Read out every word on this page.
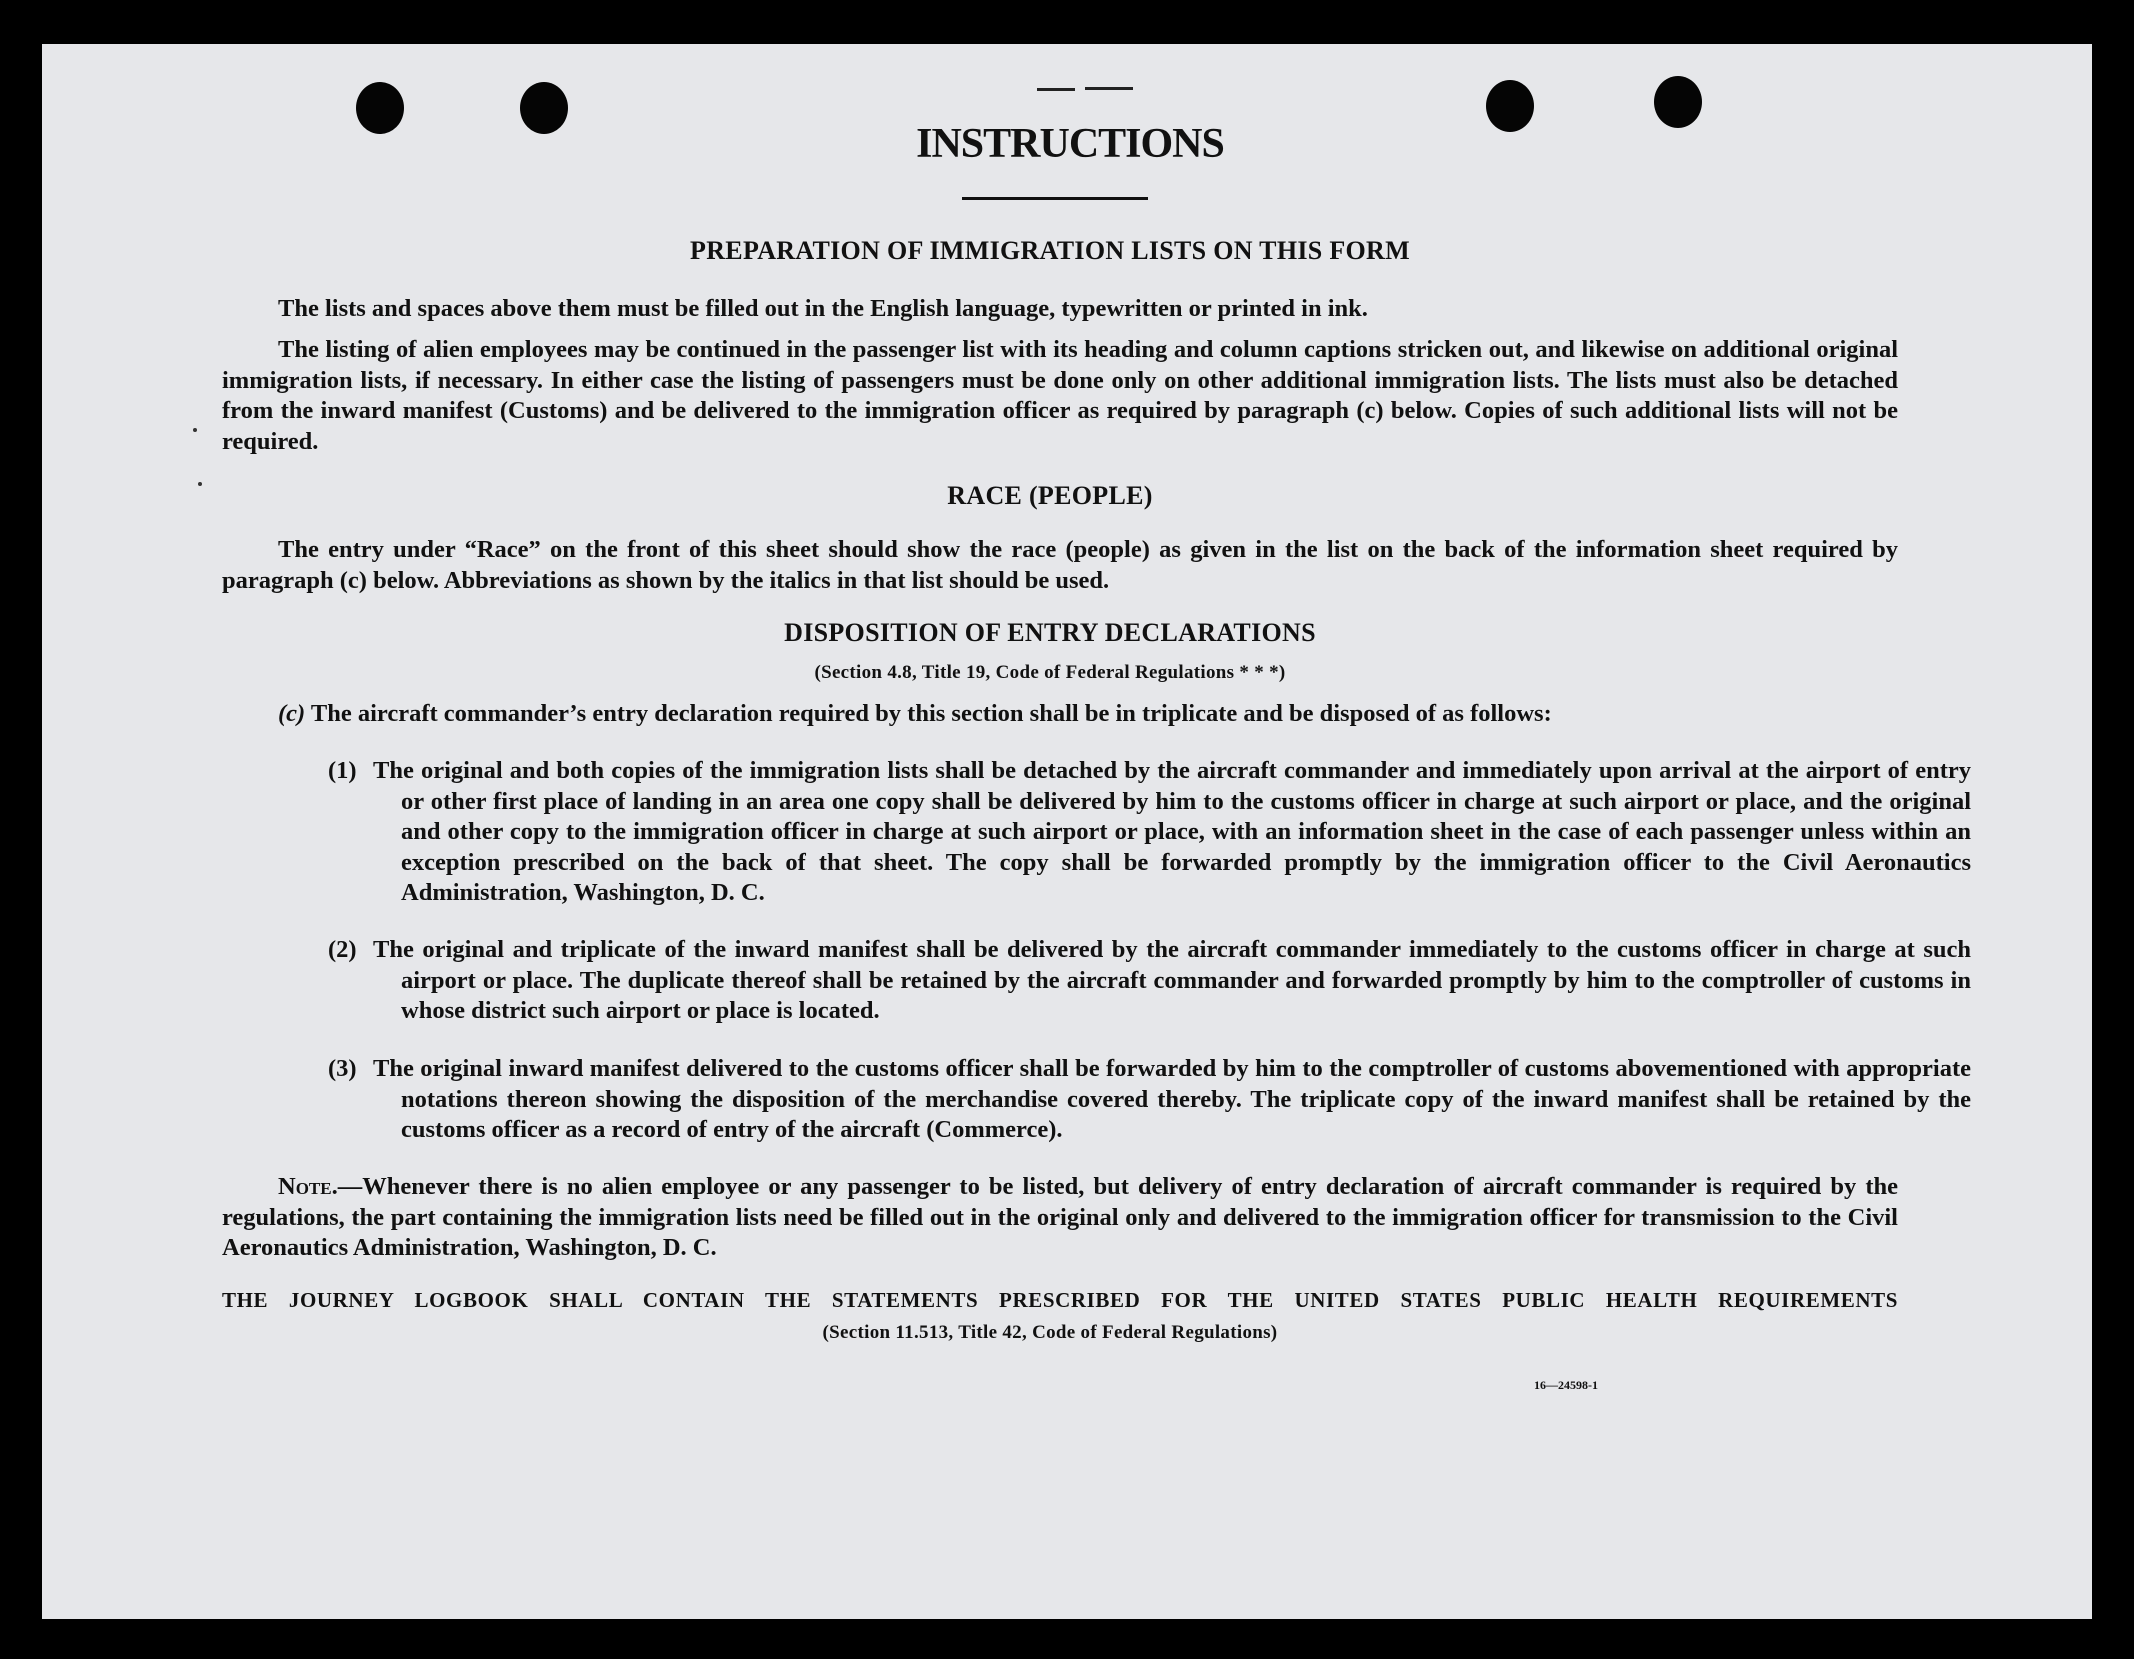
INSTRUCTIONS
PREPARATION OF IMMIGRATION LISTS ON THIS FORM

The lists and spaces above them must be filled out in the English language, typewritten or printed in ink.

The listing of alien employees may be continued in the passenger list with its heading and column captions stricken out, and likewise on additional original immigration lists, if necessary. In either case the listing of passengers must be done only on other additional immigration lists. The lists must also be detached from the inward manifest (Customs) and be delivered to the immigration officer as required by paragraph (c) below. Copies of such additional lists will not be required.

RACE (PEOPLE)

The entry under “Race” on the front of this sheet should show the race (people) as given in the list on the back of the information sheet required by paragraph (c) below. Abbreviations as shown by the italics in that list should be used.

DISPOSITION OF ENTRY DECLARATIONS
(Section 4.8, Title 19, Code of Federal Regulations * * *)

(c) The aircraft commander’s entry declaration required by this section shall be in triplicate and be disposed of as follows:

(1) The original and both copies of the immigration lists shall be detached by the aircraft commander and immediately upon arrival at the airport of entry or other first place of landing in an area one copy shall be delivered by him to the customs officer in charge at such airport or place, and the original and other copy to the immigration officer in charge at such airport or place, with an information sheet in the case of each passenger unless within an exception prescribed on the back of that sheet. The copy shall be forwarded promptly by the immigration officer to the Civil Aeronautics Administration, Washington, D. C.

(2) The original and triplicate of the inward manifest shall be delivered by the aircraft commander immediately to the customs officer in charge at such airport or place. The duplicate thereof shall be retained by the aircraft commander and forwarded promptly by him to the comptroller of customs in whose district such airport or place is located.

(3) The original inward manifest delivered to the customs officer shall be forwarded by him to the comptroller of customs abovementioned with appropriate notations thereon showing the disposition of the merchandise covered thereby. The triplicate copy of the inward manifest shall be retained by the customs officer as a record of entry of the aircraft (Commerce).

Note.—Whenever there is no alien employee or any passenger to be listed, but delivery of entry declaration of aircraft commander is required by the regulations, the part containing the immigration lists need be filled out in the original only and delivered to the immigration officer for transmission to the Civil Aeronautics Administration, Washington, D. C.

THE JOURNEY LOGBOOK SHALL CONTAIN THE STATEMENTS PRESCRIBED FOR THE UNITED STATES PUBLIC HEALTH REQUIREMENTS
(Section 11.513, Title 42, Code of Federal Regulations)
16—24598-1
